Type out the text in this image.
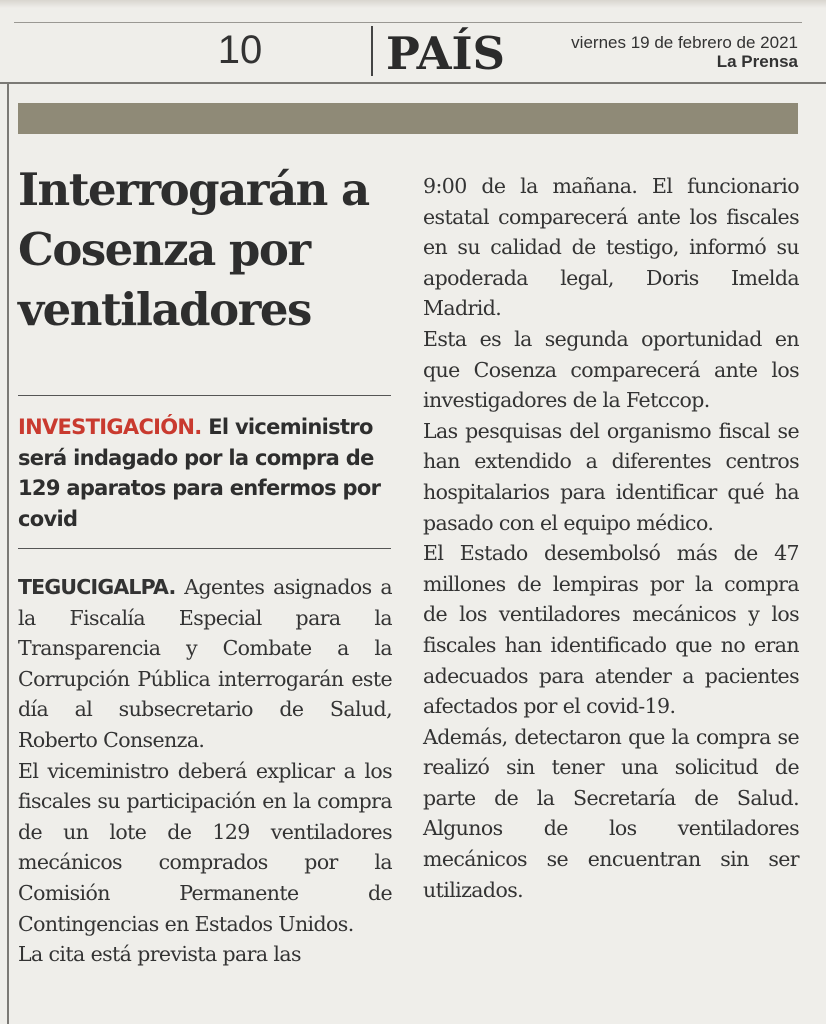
10	PAÍS	viernes 19 de febrero de 2021
La Prensa
Interrogarán a Cosenza por ventiladores
INVESTIGACIÓN. El viceministro será indagado por la compra de 129 aparatos para enfermos por covid

TEGUCIGALPA. Agentes asignados a la Fiscalía Especial para la Transparencia y Combate a la Corrupción Pública interrogarán este día al subsecretario de Salud, Roberto Consenza.

El viceministro deberá explicar a los fiscales su participación en la compra de un lote de 129 ventiladores mecánicos comprados por la Comisión Permanente de Contingencias en Estados Unidos.

La cita está prevista para las

9:00 de la mañana. El funcionario estatal comparecerá ante los fiscales en su calidad de testigo, informó su apoderada legal, Doris Imelda Madrid.

Esta es la segunda oportunidad en que Cosenza comparecerá ante los investigadores de la Fetccop.

Las pesquisas del organismo fiscal se han extendido a diferentes centros hospitalarios para identificar qué ha pasado con el equipo médico.

El Estado desembolsó más de 47 millones de lempiras por la compra de los ventiladores mecánicos y los fiscales han identificado que no eran adecuados para atender a pacientes afectados por el covid-19.

Además, detectaron que la compra se realizó sin tener una solicitud de parte de la Secretaría de Salud. Algunos de los ventiladores mecánicos se encuentran sin ser utilizados.
